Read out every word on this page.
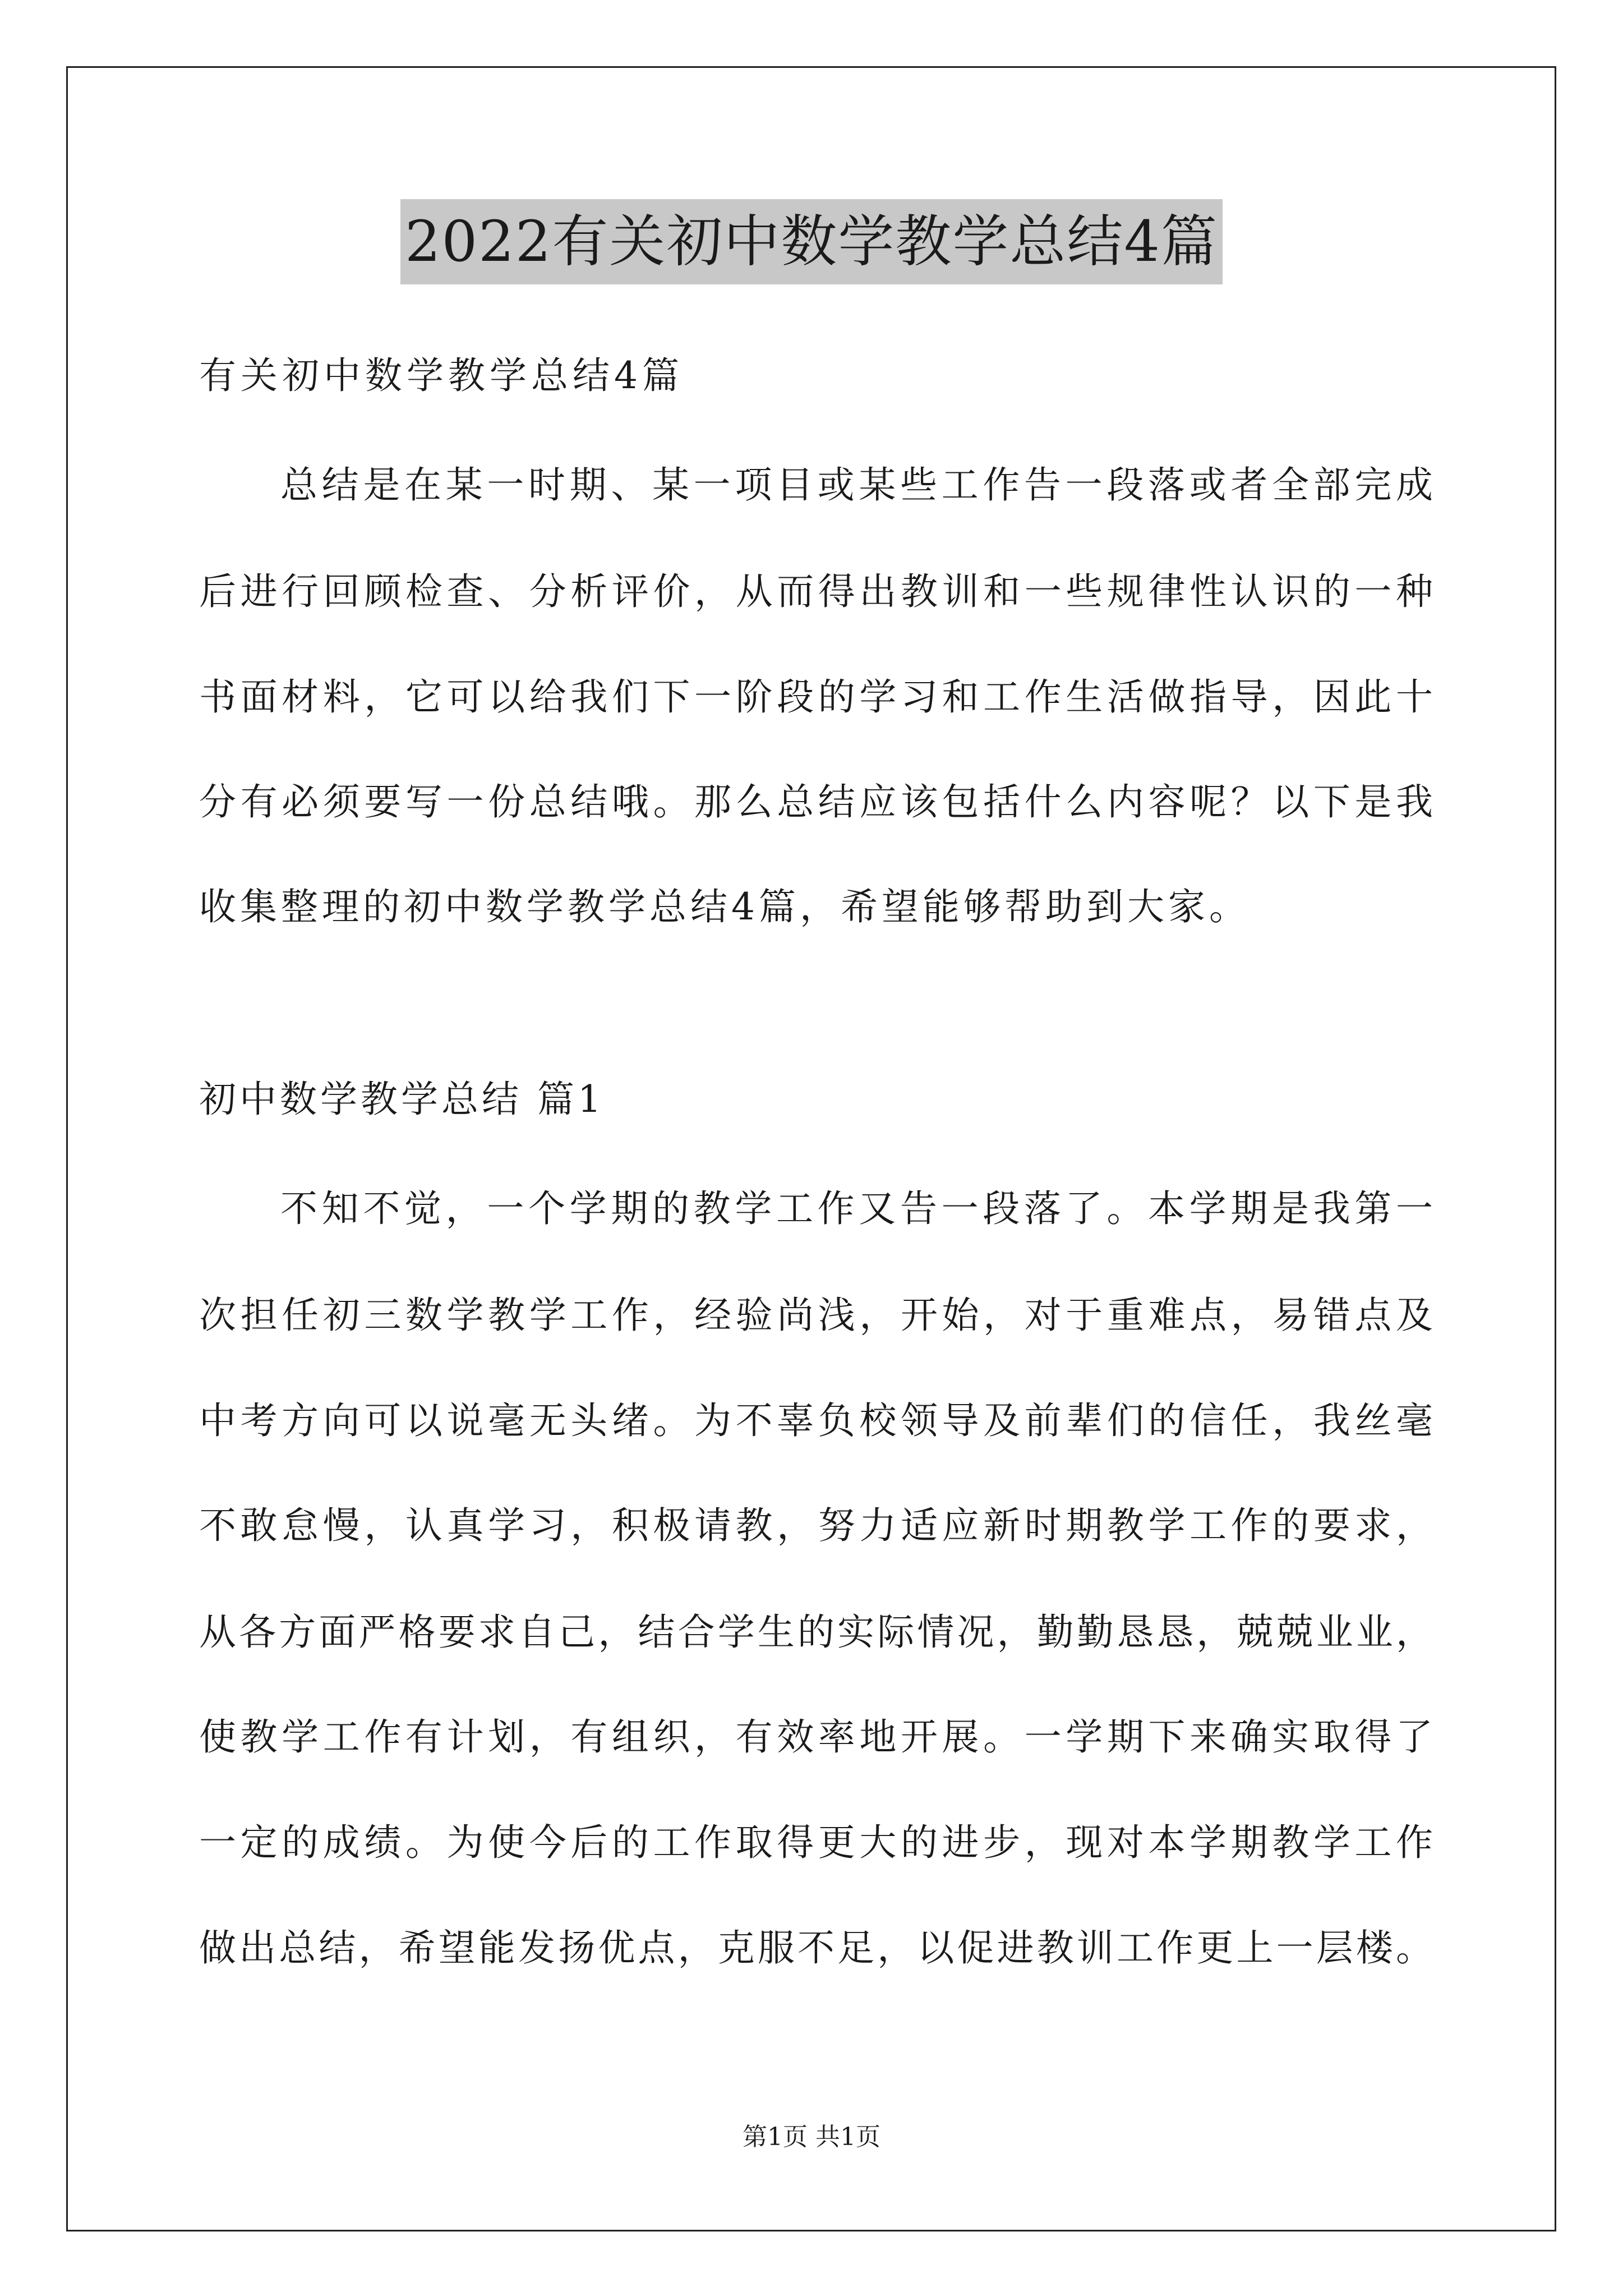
2022有关初中数学教学总结4篇
有关初中数学教学总结4篇
总结是在某一时期、某一项目或某些工作告一段落或者全部完成
后进行回顾检查、分析评价，从而得出教训和一些规律性认识的一种
书面材料，它可以给我们下一阶段的学习和工作生活做指导，因此十
分有必须要写一份总结哦。那么总结应该包括什么内容呢？以下是我
收集整理的初中数学教学总结4篇，希望能够帮助到大家。
初中数学教学总结 篇1
不知不觉，一个学期的教学工作又告一段落了。本学期是我第一
次担任初三数学教学工作，经验尚浅，开始，对于重难点，易错点及
中考方向可以说毫无头绪。为不辜负校领导及前辈们的信任，我丝毫
不敢怠慢，认真学习，积极请教，努力适应新时期教学工作的要求，
从各方面严格要求自己，结合学生的实际情况，勤勤恳恳，兢兢业业，
使教学工作有计划，有组织，有效率地开展。一学期下来确实取得了
一定的成绩。为使今后的工作取得更大的进步，现对本学期教学工作
做出总结，希望能发扬优点，克服不足，以促进教训工作更上一层楼。
第1页 共1页
